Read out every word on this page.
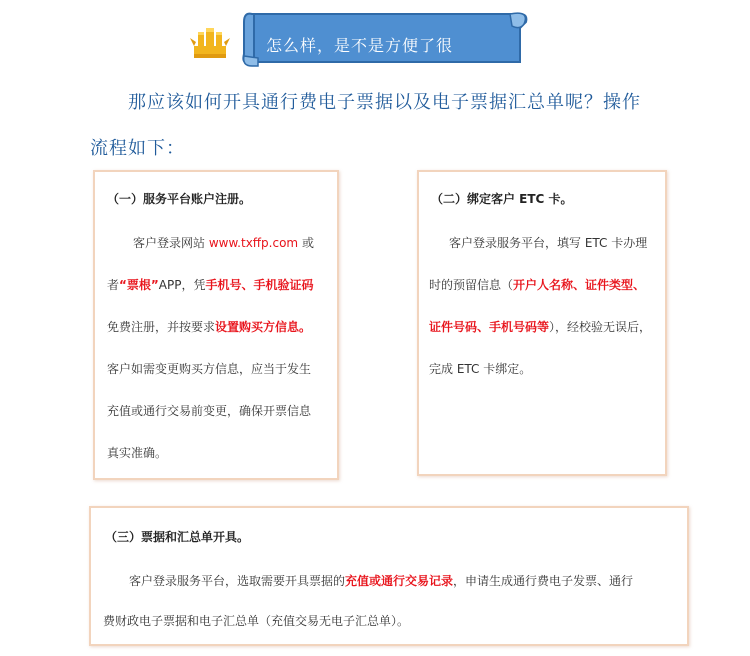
怎么样，是不是方便了很
那应该如何开具通行费电子票据以及电子票据汇总单呢？操作
流程如下：
（一）服务平台账户注册。
客户登录网站 www.txffp.com 或
者“票根”APP，凭手机号、手机验证码
免费注册，并按要求设置购买方信息。
客户如需变更购买方信息，应当于发生
充值或通行交易前变更，确保开票信息
真实准确。
（二）绑定客户 ETC 卡。
客户登录服务平台，填写 ETC 卡办理
时的预留信息（开户人名称、证件类型、
证件号码、手机号码等），经校验无误后，
完成 ETC 卡绑定。
（三）票据和汇总单开具。
客户登录服务平台，选取需要开具票据的充值或通行交易记录，申请生成通行费电子发票、通行
费财政电子票据和电子汇总单（充值交易无电子汇总单）。
